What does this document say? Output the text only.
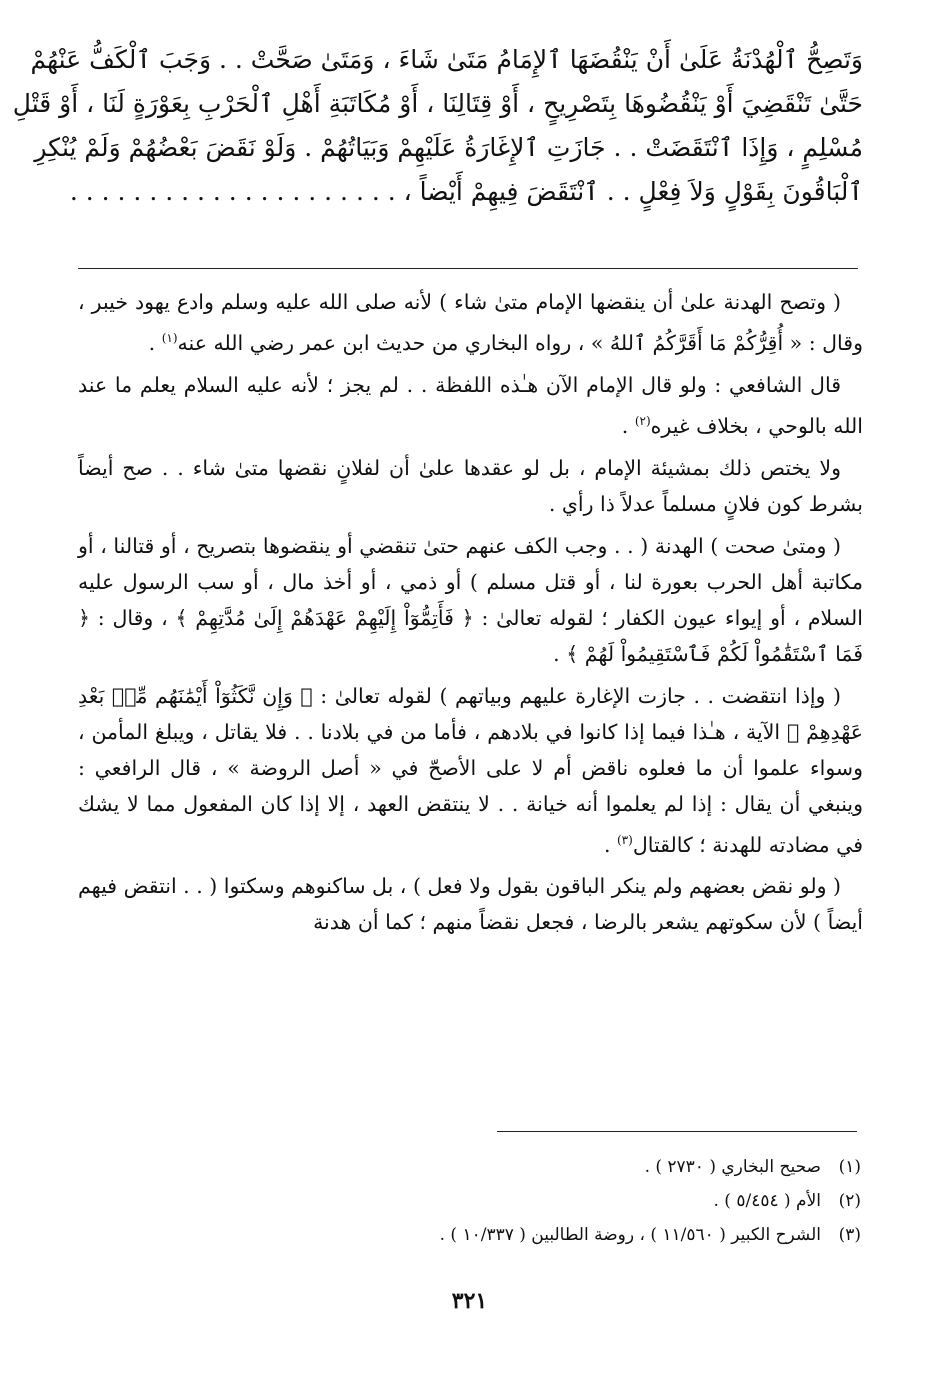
وَتَصِحُّ ٱلْهُدْنَةُ عَلَىٰ أَنْ يَنْقُضَهَا ٱلإِمَامُ مَتَىٰ شَاءَ ، وَمَتَىٰ صَحَّتْ . . وَجَبَ ٱلْكَفُّ عَنْهُمْ
حَتَّىٰ تَنْقَضِيَ أَوْ يَنْقُضُوهَا بِتَصْرِيحٍ ، أَوْ قِتَالِنَا ، أَوْ مُكَاتَبَةِ أَهْلِ ٱلْحَرْبِ بِعَوْرَةٍ لَنَا ، أَوْ قَتْلِ
مُسْلِمٍ ، وَإِذَا ٱنْتَقَضَتْ . . جَازَتِ ٱلإِغَارَةُ عَلَيْهِمْ وَبَيَاتُهُمْ . وَلَوْ نَقَضَ بَعْضُهُمْ وَلَمْ يُنْكِرِ
ٱلْبَاقُونَ بِقَوْلٍ وَلاَ فِعْلٍ . . ٱنْتَقَضَ فِيهِمْ أَيْضاً ، . . . . . . . . . . . . . . . . . . . . .

( وتصح الهدنة علىٰ أن ينقضها الإمام متىٰ شاء ) لأنه صلى الله عليه وسلم وادع يهود خيبر ، وقال : « أُقِرُّكُمْ مَا أَقَرَّكُمُ ٱللهُ » ، رواه البخاري من حديث ابن عمر رضي الله عنه$^{(١)}$ .

قال الشافعي : ولو قال الإمام الآن هـٰذه اللفظة . . لم يجز ؛ لأنه عليه السلام يعلم ما عند الله بالوحي ، بخلاف غيره$^{(٢)}$ .

ولا يختص ذلك بمشيئة الإمام ، بل لو عقدها علىٰ أن لفلانٍ نقضها متىٰ شاء . . صح أيضاً بشرط كون فلانٍ مسلماً عدلاً ذا رأي .

( ومتىٰ صحت ) الهدنة ( . . وجب الكف عنهم حتىٰ تنقضي أو ينقضوها بتصريح ، أو قتالنا ، أو مكاتبة أهل الحرب بعورة لنا ، أو قتل مسلم ) أو ذمي ، أو أخذ مال ، أو سب الرسول عليه السلام ، أو إيواء عيون الكفار ؛ لقوله تعالىٰ : ﴿ فَأَتِمُّوٓاْ إِلَيْهِمْ عَهْدَهُمْ إِلَىٰ مُدَّتِهِمْ ﴾ ، وقال : ﴿ فَمَا ٱسْتَقَٰمُواْ لَكُمْ فَٱسْتَقِيمُواْ لَهُمْ ﴾ .

( وإذا انتقضت . . جازت الإغارة عليهم وبياتهم ) لقوله تعالىٰ : ﴿ وَإِن نَّكَثُوٓاْ أَيْمَٰنَهُم مِّنۢ بَعْدِ عَهْدِهِمْ ﴾ الآية ، هـٰذا فيما إذا كانوا في بلادهم ، فأما من في بلادنا . . فلا يقاتل ، ويبلغ المأمن ، وسواء علموا أن ما فعلوه ناقض أم لا على الأصحّ في « أصل الروضة » ، قال الرافعي : وينبغي أن يقال : إذا لم يعلموا أنه خيانة . . لا ينتقض العهد ، إلا إذا كان المفعول مما لا يشك في مضادته للهدنة ؛ كالقتال$^{(٣)}$ .

( ولو نقض بعضهم ولم ينكر الباقون بقول ولا فعل ) ، بل ساكنوهم وسكتوا ( . . انتقض فيهم أيضاً ) لأن سكوتهم يشعر بالرضا ، فجعل نقضاً منهم ؛ كما أن هدنة

(١)صحيح البخاري ( ٢٧٣٠ ) .
(٢)الأم ( ٥/٤٥٤ ) .
(٣)الشرح الكبير ( ١١/٥٦٠ ) ، روضة الطالبين ( ١٠/٣٣٧ ) .
٣٢١
